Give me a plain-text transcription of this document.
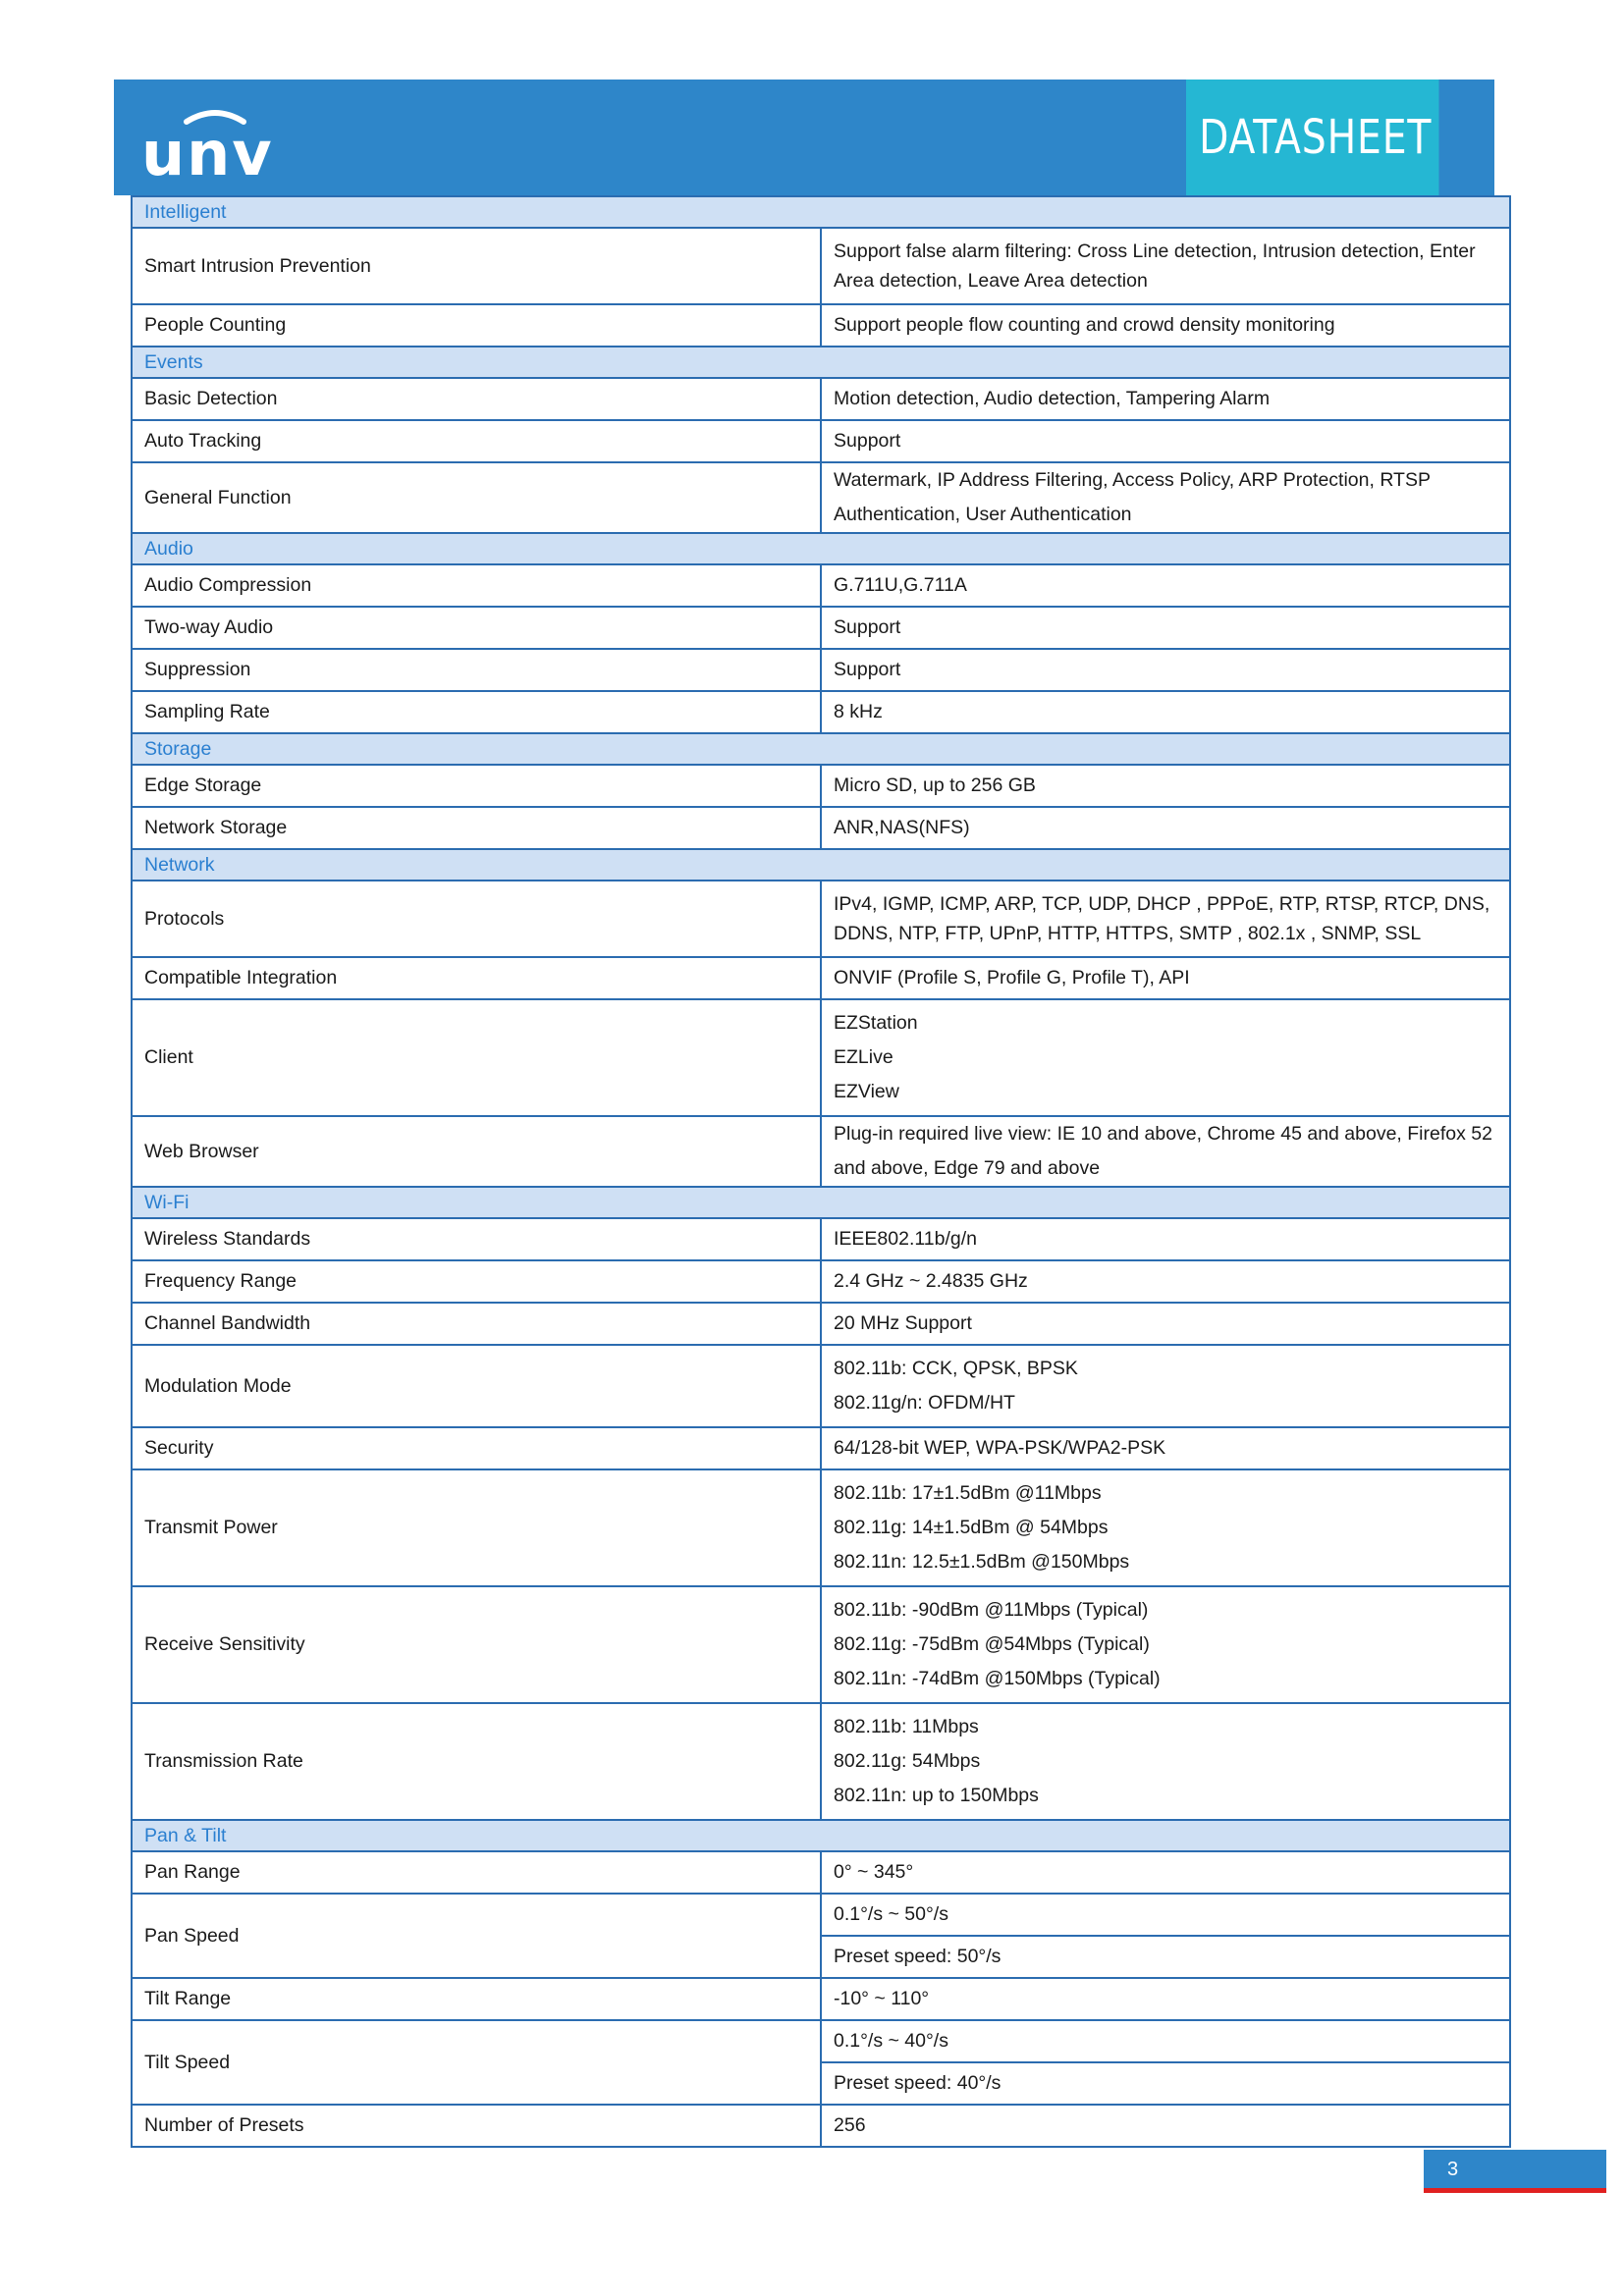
unv	DATASHEET
Intelligent	
Smart Intrusion Prevention	Support false alarm filtering: Cross Line detection, Intrusion detection, Enter Area detection, Leave Area detection
People Counting	Support people flow counting and crowd density monitoring
Events	
Basic Detection	Motion detection, Audio detection, Tampering Alarm
Auto Tracking	Support
General Function	Watermark, IP Address Filtering, Access Policy, ARP Protection, RTSP Authentication, User Authentication
Audio	
Audio Compression	G.711U,G.711A
Two-way Audio	Support
Suppression	Support
Sampling Rate	8 kHz
Storage	
Edge Storage	Micro SD, up to 256 GB
Network Storage	ANR,NAS(NFS)
Network	
Protocols	IPv4, IGMP, ICMP, ARP, TCP, UDP, DHCP , PPPoE, RTP, RTSP, RTCP, DNS, DDNS, NTP, FTP, UPnP, HTTP, HTTPS, SMTP , 802.1x , SNMP, SSL
Compatible Integration	ONVIF (Profile S, Profile G, Profile T), API
Client	EZStation
EZLive
EZView

Web Browser	Plug-in required live view: IE 10 and above, Chrome 45 and above, Firefox 52 and above, Edge 79 and above
Wi-Fi	
Wireless Standards	IEEE802.11b/g/n
Frequency Range	2.4 GHz ~ 2.4835 GHz
Channel Bandwidth	20 MHz Support
Modulation Mode	802.11b: CCK, QPSK, BPSK
802.11g/n: OFDM/HT

Security	64/128-bit WEP, WPA-PSK/WPA2-PSK
Transmit Power	802.11b: 17±1.5dBm @11Mbps
802.11g: 14±1.5dBm @ 54Mbps
802.11n: 12.5±1.5dBm @150Mbps

Receive Sensitivity	802.11b: -90dBm @11Mbps (Typical)
802.11g: -75dBm @54Mbps (Typical)
802.11n: -74dBm @150Mbps (Typical)

Transmission Rate	802.11b: 11Mbps
802.11g: 54Mbps
802.11n: up to 150Mbps

Pan & Tilt	
Pan Range	0° ~ 345°
Pan Speed	0.1°/s ~ 50°/s
	Preset speed: 50°/s
Tilt Range	-10° ~ 110°
Tilt Speed	0.1°/s ~ 40°/s
	Preset speed: 40°/s
Number of Presets	256
3
